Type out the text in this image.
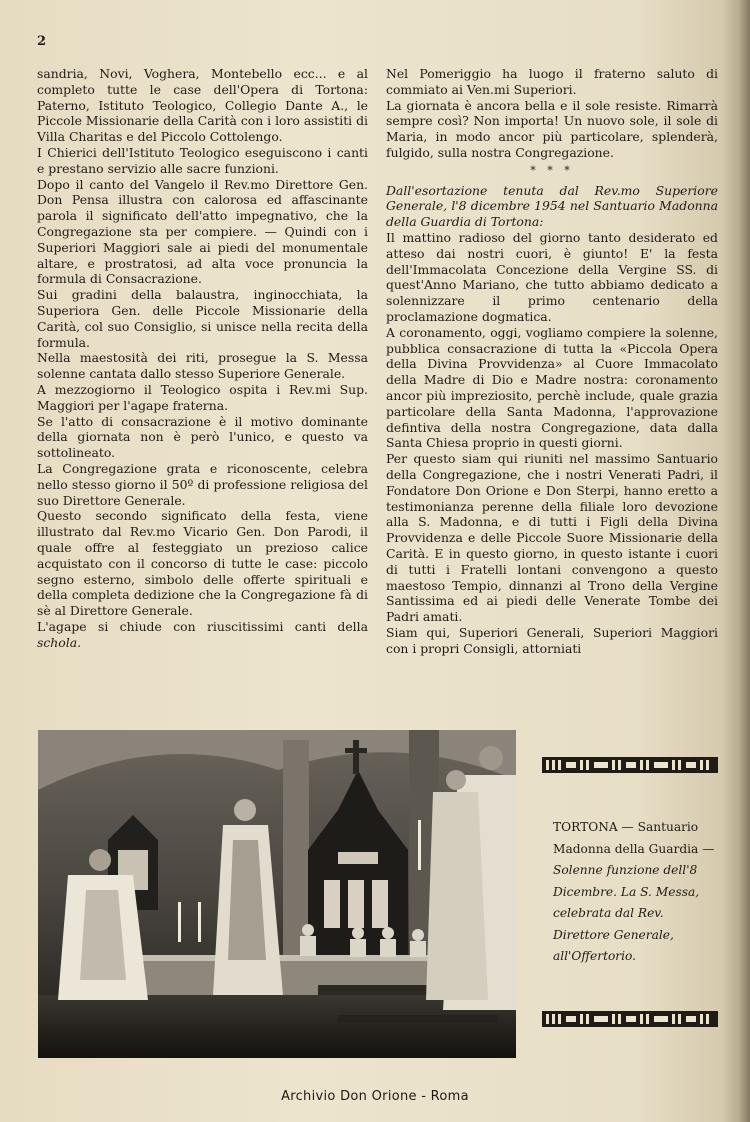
2

sandria, Novi, Voghera, Montebello ecc... e al completo tutte le case dell'Opera di Tortona: Paterno, Istituto Teologico, Collegio Dante A., le Piccole Missionarie della Carità con i loro assistiti di Villa Charitas e del Piccolo Cottolengo.

I Chierici dell'Istituto Teologico eseguiscono i canti e prestano servizio alle sacre funzioni.

Dopo il canto del Vangelo il Rev.mo Direttore Gen. Don Pensa illustra con calorosa ed affascinante parola il significato dell'atto impegnativo, che la Congregazione sta per compiere. — Quindi con i Superiori Maggiori sale ai piedi del monumentale altare, e prostratosi, ad alta voce pronuncia la formula di Consacrazione.

Sui gradini della balaustra, inginocchiata, la Superiora Gen. delle Piccole Missionarie della Carità, col suo Consiglio, si unisce nella recita della formula.

Nella maestosità dei riti, prosegue la S. Messa solenne cantata dallo stesso Superiore Generale.

A mezzogiorno il Teologico ospita i Rev.mi Sup. Maggiori per l'agape fraterna.

Se l'atto di consacrazione è il motivo dominante della giornata non è però l'unico, e questo va sottolineato.

La Congregazione grata e riconoscente, celebra nello stesso giorno il 50º di professione religiosa del suo Direttore Generale.

Questo secondo significato della festa, viene illustrato dal Rev.mo Vicario Gen. Don Parodi, il quale offre al festeggiato un prezioso calice acquistato con il concorso di tutte le case: piccolo segno esterno, simbolo delle offerte spirituali e della completa dedizione che la Congregazione fà di sè al Direttore Generale.

L'agape si chiude con riuscitissimi canti della schola.

Nel Pomeriggio ha luogo il fraterno saluto di commiato ai Ven.mi Superiori.

La giornata è ancora bella e il sole resiste. Rimarrà sempre così? Non importa! Un nuovo sole, il sole di Maria, in modo ancor più particolare, splenderà, fulgido, sulla nostra Congregazione.

* * *

Dall'esortazione tenuta dal Rev.mo Superiore Generale, l'8 dicembre 1954 nel Santuario Madonna della Guardia di Tortona:

Il mattino radioso del giorno tanto desiderato ed atteso dai nostri cuori, è giunto! E' la festa dell'Immacolata Concezione della Vergine SS. di quest'Anno Mariano, che tutto abbiamo dedicato a solennizzare il primo centenario della proclamazione dogmatica.

A coronamento, oggi, vogliamo compiere la solenne, pubblica consacrazione di tutta la «Piccola Opera della Divina Provvidenza» al Cuore Immacolato della Madre di Dio e Madre nostra: coronamento ancor più impreziosito, perchè include, quale grazia particolare della Santa Madonna, l'approvazione defintiva della nostra Congregazione, data dalla Santa Chiesa proprio in questi giorni.

Per questo siam qui riuniti nel massimo Santuario della Congregazione, che i nostri Venerati Padri, il Fondatore Don Orione e Don Sterpi, hanno eretto a testimonianza perenne della filiale loro devozione alla S. Madonna, e di tutti i Figli della Divina Provvidenza e delle Piccole Suore Missionarie della Carità. E in questo giorno, in questo istante i cuori di tutti i Fratelli lontani convengono a questo maestoso Tempio, dinnanzi al Trono della Vergine Santissima ed ai piedi delle Venerate Tombe dei Padri amati.

Siam qui, Superiori Generali, Superiori Maggiori con i propri Consigli, attorniati

TORTONA — Santuario Madonna della Guardia — Solenne funzione dell'8 Dicembre. La S. Messa, celebrata dal Rev. Direttore Generale, all'Offertorio.
Archivio Don Orione - Roma
